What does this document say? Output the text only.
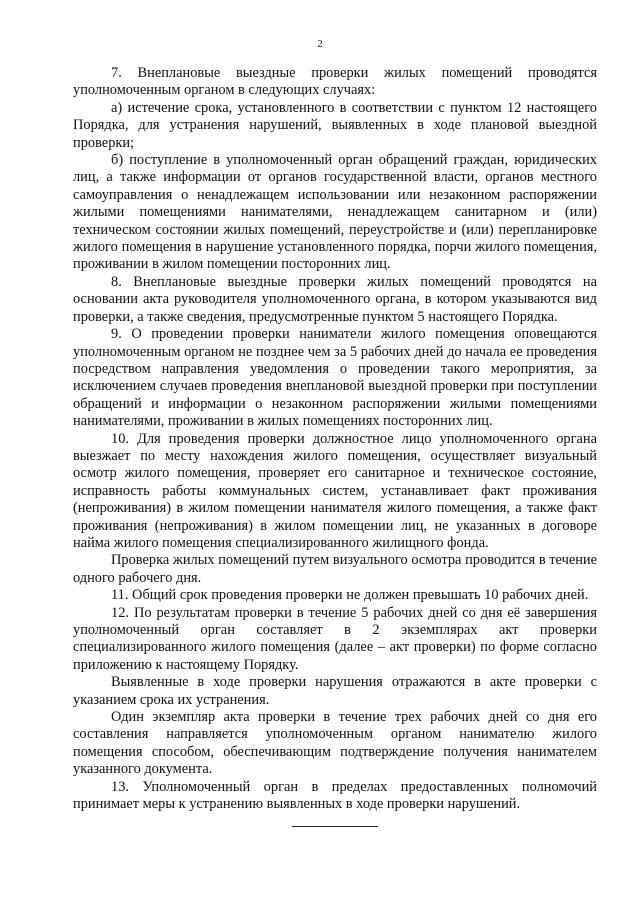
2

7. Внеплановые выездные проверки жилых помещений проводятся уполномоченным органом в следующих случаях:

а) истечение срока, установленного в соответствии с пунктом 12 настоящего Порядка, для устранения нарушений, выявленных в ходе плановой выездной проверки;

б) поступление в уполномоченный орган обращений граждан, юридических лиц, а также информации от органов государственной власти, органов местного самоуправления о ненадлежащем использовании или незаконном распоряжении жилыми помещениями нанимателями, ненадлежащем санитарном и (или) техническом состоянии жилых помещений, переустройстве и (или) перепланировке жилого помещения в нарушение установленного порядка, порчи жилого помещения, проживании в жилом помещении посторонних лиц.

8. Внеплановые выездные проверки жилых помещений проводятся на основании акта руководителя уполномоченного органа, в котором указываются вид проверки, а также сведения, предусмотренные пунктом 5 настоящего Порядка.

9. О проведении проверки наниматели жилого помещения оповещаются уполномоченным органом не позднее чем за 5 рабочих дней до начала ее проведения посредством направления уведомления о проведении такого мероприятия, за исключением случаев проведения внеплановой выездной проверки при поступлении обращений и информации о незаконном распоряжении жилыми помещениями нанимателями, проживании в жилых помещениях посторонних лиц.

10. Для проведения проверки должностное лицо уполномоченного органа выезжает по месту нахождения жилого помещения, осуществляет визуальный осмотр жилого помещения, проверяет его санитарное и техническое состояние, исправность работы коммунальных систем, устанавливает факт проживания (непроживания) в жилом помещении нанимателя жилого помещения, а также факт проживания (непроживания) в жилом помещении лиц, не указанных в договоре найма жилого помещения специализированного жилищного фонда.

Проверка жилых помещений путем визуального осмотра проводится в течение одного рабочего дня.

11. Общий срок проведения проверки не должен превышать 10 рабочих дней.

12. По результатам проверки в течение 5 рабочих дней со дня её завершения уполномоченный орган составляет в 2 экземплярах акт проверки специализированного жилого помещения (далее – акт проверки) по форме согласно приложению к настоящему Порядку.

Выявленные в ходе проверки нарушения отражаются в акте проверки с указанием срока их устранения.

Один экземпляр акта проверки в течение трех рабочих дней со дня его составления направляется уполномоченным органом нанимателю жилого помещения способом, обеспечивающим подтверждение получения нанимателем указанного документа.

13. Уполномоченный орган в пределах предоставленных полномочий принимает меры к устранению выявленных в ходе проверки нарушений.
